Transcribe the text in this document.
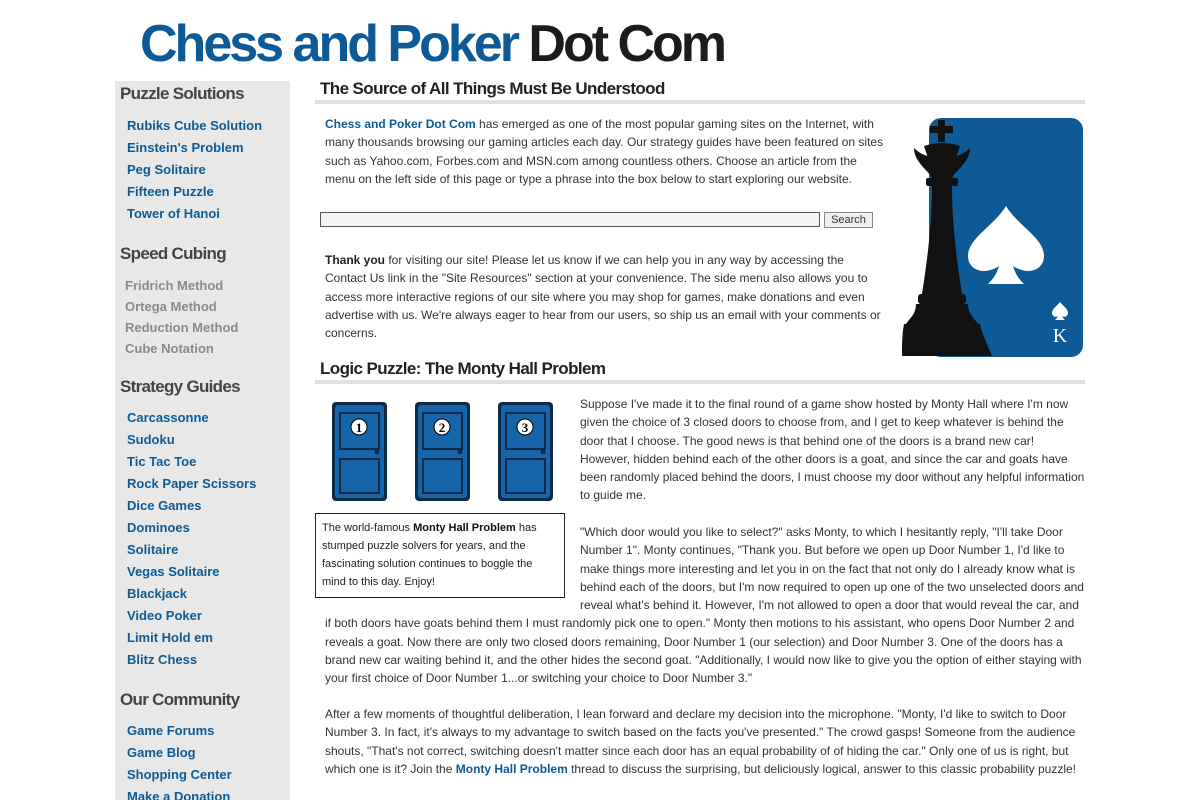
Chess and Poker Dot Com
Puzzle Solutions
Rubiks Cube Solution
Einstein's Problem
Peg Solitaire
Fifteen Puzzle
Tower of Hanoi
Speed Cubing
Fridrich Method
Ortega Method
Reduction Method
Cube Notation
Strategy Guides
Carcassonne
Sudoku
Tic Tac Toe
Rock Paper Scissors
Dice Games
Dominoes
Solitaire
Vegas Solitaire
Blackjack
Video Poker
Limit Hold em
Blitz Chess
Our Community
Game Forums
Game Blog
Shopping Center
Make a Donation
The Source of All Things Must Be Understood

Chess and Poker Dot Com has emerged as one of the most popular gaming sites on the Internet, with many thousands browsing our gaming articles each day. Our strategy guides have been featured on sites such as Yahoo.com, Forbes.com and MSN.com among countless others. Choose an article from the menu on the left side of this page or type a phrase into the box below to start exploring our website.

Search

Thank you for visiting our site! Please let us know if we can help you in any way by accessing the Contact Us link in the "Site Resources" section at your convenience. The side menu also allows you to access more interactive regions of our site where you may shop for games, make donations and even advertise with us. We're always eager to hear from our users, so ship us an email with your comments or concerns.	K
Logic Puzzle: The Monty Hall Problem
1	2	3

Suppose I've made it to the final round of a game show hosted by Monty Hall where I'm now given the choice of 3 closed doors to choose from, and I get to keep whatever is behind the door that I choose. The good news is that behind one of the doors is a brand new car! However, hidden behind each of the other doors is a goat, and since the car and goats have been randomly placed behind the doors, I must choose my door without any helpful information to guide me.

"Which door would you like to select?" asks Monty, to which I hesitantly reply, "I'll take Door Number 1". Monty continues, "Thank you. But before we open up Door Number 1, I'd like to make things more interesting and let you in on the fact that not only do I already know what is behind each of the doors, but I'm now required to open up one of the two unselected doors and reveal what's behind it. However, I'm not allowed to open a door that would reveal the car, and if both doors have goats behind them I must randomly pick one to open." Monty then motions to his assistant, who opens Door Number 2 and reveals a goat. Now there are only two closed doors remaining, Door Number 1 (our selection) and Door Number 3. One of the doors has a brand new car waiting behind it, and the other hides the second goat. "Additionally, I would now like to give you the option of either staying with your first choice of Door Number 1...or switching your choice to Door Number 3."

The world-famous Monty Hall Problem has stumped puzzle solvers for years, and the fascinating solution continues to boggle the mind to this day. Enjoy!

After a few moments of thoughtful deliberation, I lean forward and declare my decision into the microphone. "Monty, I'd like to switch to Door Number 3. In fact, it's always to my advantage to switch based on the facts you've presented." The crowd gasps! Someone from the audience shouts, "That's not correct, switching doesn't matter since each door has an equal probability of of hiding the car." Only one of us is right, but which one is it? Join the Monty Hall Problem thread to discuss the surprising, but deliciously logical, answer to this classic probability puzzle!
